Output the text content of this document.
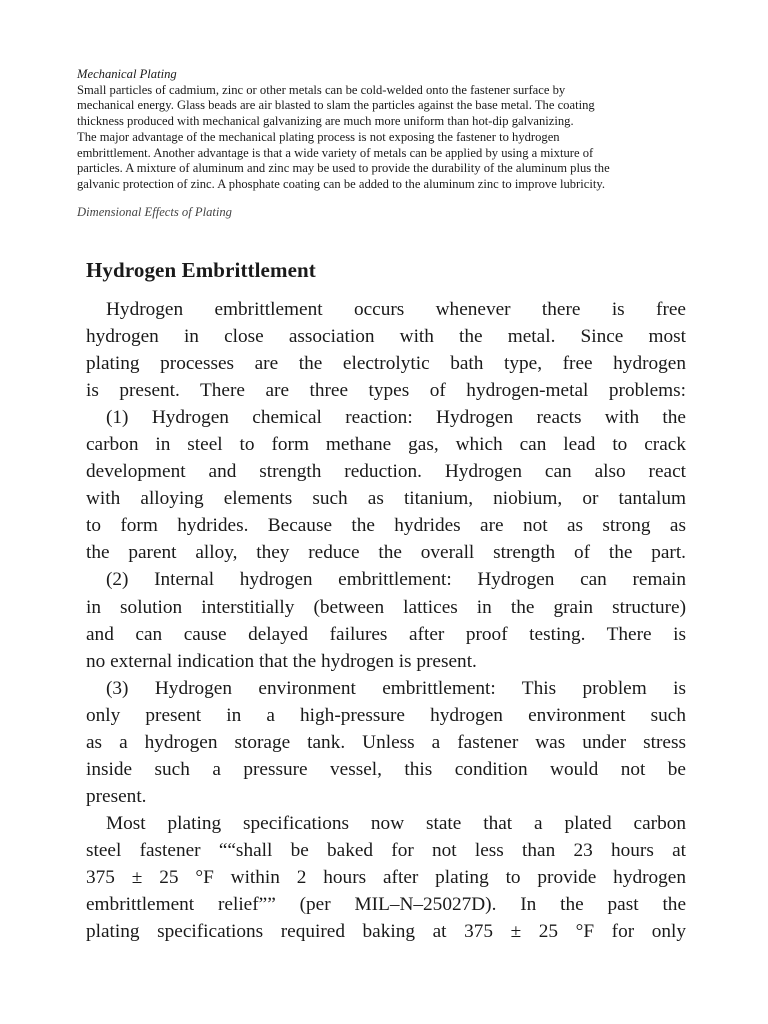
Mechanical Plating
Small particles of cadmium, zinc or other metals can be cold-welded onto the fastener surface by
mechanical energy. Glass beads are air blasted to slam the particles against the base metal. The coating
thickness produced with mechanical galvanizing are much more uniform than hot-dip galvanizing.
The major advantage of the mechanical plating process is not exposing the fastener to hydrogen
embrittlement. Another advantage is that a wide variety of metals can be applied by using a mixture of
particles. A mixture of aluminum and zinc may be used to provide the durability of the aluminum plus the
galvanic protection of zinc. A phosphate coating can be added to the aluminum zinc to improve lubricity.
Dimensional Effects of Plating
Hydrogen Embrittlement
Hydrogen embrittlement occurs whenever there is free
hydrogen in close association with the metal. Since most
plating processes are the electrolytic bath type, free hydrogen
is present. There are three types of hydrogen-metal problems:
(1) Hydrogen chemical reaction: Hydrogen reacts with the
carbon in steel to form methane gas, which can lead to crack
development and strength reduction. Hydrogen can also react
with alloying elements such as titanium, niobium, or tantalum
to form hydrides. Because the hydrides are not as strong as
the parent alloy, they reduce the overall strength of the part.
(2) Internal hydrogen embrittlement: Hydrogen can remain
in solution interstitially (between lattices in the grain structure)
and can cause delayed failures after proof testing. There is
no external indication that the hydrogen is present.
(3) Hydrogen environment embrittlement: This problem is
only present in a high-pressure hydrogen environment such
as a hydrogen storage tank. Unless a fastener was under stress
inside such a pressure vessel, this condition would not be
present.
Most plating specifications now state that a plated carbon
steel fastener ““shall be baked for not less than 23 hours at
375 ± 25 °F within 2 hours after plating to provide hydrogen
embrittlement relief”” (per MIL–N–25027D). In the past the
plating specifications required baking at 375 ± 25 °F for only
